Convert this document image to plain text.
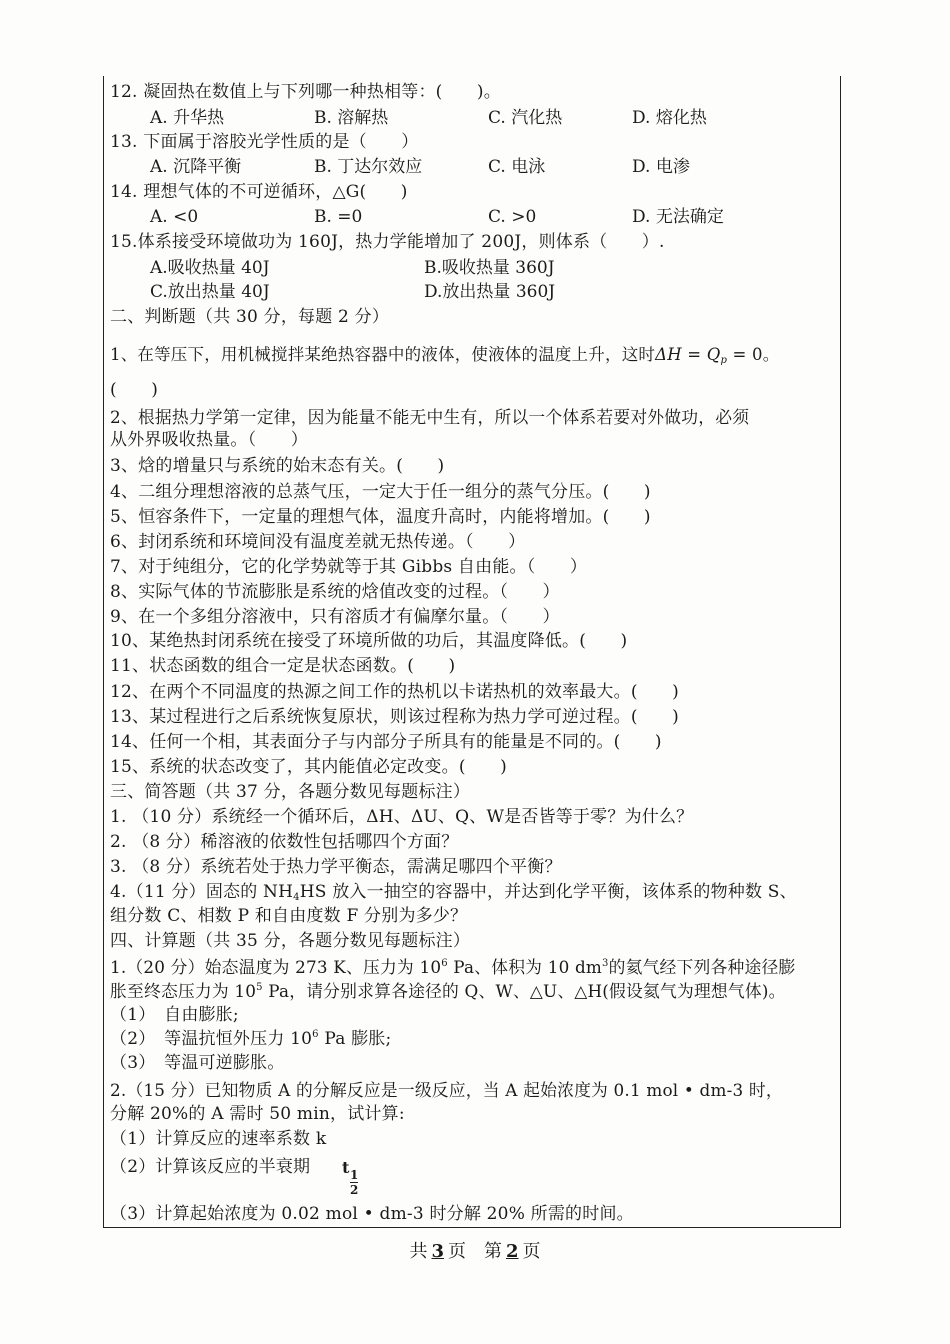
12. 凝固热在数值上与下列哪一种热相等：(　　)。
A. 升华热	B. 溶解热	C. 汽化热	D. 熔化热
13. 下面属于溶胶光学性质的是（　　）
A. 沉降平衡	B. 丁达尔效应	C. 电泳	D. 电渗
14. 理想气体的不可逆循环，△G(　　)
A. <0	B. =0	C. >0	D. 无法确定
15.体系接受环境做功为 160J，热力学能增加了 200J，则体系（　　）.
A.吸收热量 40J	B.吸收热量 360J
C.放出热量 40J	D.放出热量 360J
二、判断题（共 30 分，每题 2 分）
1、在等压下，用机械搅拌某绝热容器中的液体，使液体的温度上升，这时$\Delta H = Q_p = 0$。
(　　)
2、根据热力学第一定律，因为能量不能无中生有，所以一个体系若要对外做功，必须
从外界吸收热量。（　　）
3、焓的增量只与系统的始末态有关。(　　)
4、二组分理想溶液的总蒸气压，一定大于任一组分的蒸气分压。(　　)
5、恒容条件下，一定量的理想气体，温度升高时，内能将增加。(　　)
6、封闭系统和环境间没有温度差就无热传递。（　　）
7、对于纯组分，它的化学势就等于其 Gibbs 自由能。（　　）
8、实际气体的节流膨胀是系统的焓值改变的过程。（　　）
9、在一个多组分溶液中，只有溶质才有偏摩尔量。（　　）
10、某绝热封闭系统在接受了环境所做的功后，其温度降低。(　　)
11、状态函数的组合一定是状态函数。(　　)
12、在两个不同温度的热源之间工作的热机以卡诺热机的效率最大。(　　)
13、某过程进行之后系统恢复原状，则该过程称为热力学可逆过程。(　　)
14、任何一个相，其表面分子与内部分子所具有的能量是不同的。(　　)
15、系统的状态改变了，其内能值必定改变。(　　)
三、简答题（共 37 分，各题分数见每题标注）
1. （10 分）系统经一个循环后，ΔH、ΔU、Q、W是否皆等于零？为什么？
2. （8 分）稀溶液的依数性包括哪四个方面？
3. （8 分）系统若处于热力学平衡态，需满足哪四个平衡？
4.（11 分）固态的 $NH_4HS$ 放入一抽空的容器中，并达到化学平衡，该体系的物种数 S、
组分数 C、相数 P 和自由度数 F 分别为多少？
四、计算题（共 35 分，各题分数见每题标注）
1.（20 分）始态温度为 273 K、压力为 $10^6$ Pa、体积为 10 $dm^3$的氦气经下列各种途径膨
胀至终态压力为 $10^5$ Pa，请分别求算各途径的 Q、W、△U、△H(假设氦气为理想气体)。
（1）　自由膨胀;
（2）　等温抗恒外压力 $10^6$ Pa 膨胀;
（3）　等温可逆膨胀。
2.（15 分）已知物质 A 的分解反应是一级反应，当 A 起始浓度为 0.1 mol • dm-3 时，
分解 20%的 A 需时 50 min，试计算:
（1）计算反应的速率系数 k
（2）计算该反应的半衰期 t 1
2
（3）计算起始浓度为 0.02 mol • dm-3 时分解 20% 所需的时间。
共 3 页　第 2 页
